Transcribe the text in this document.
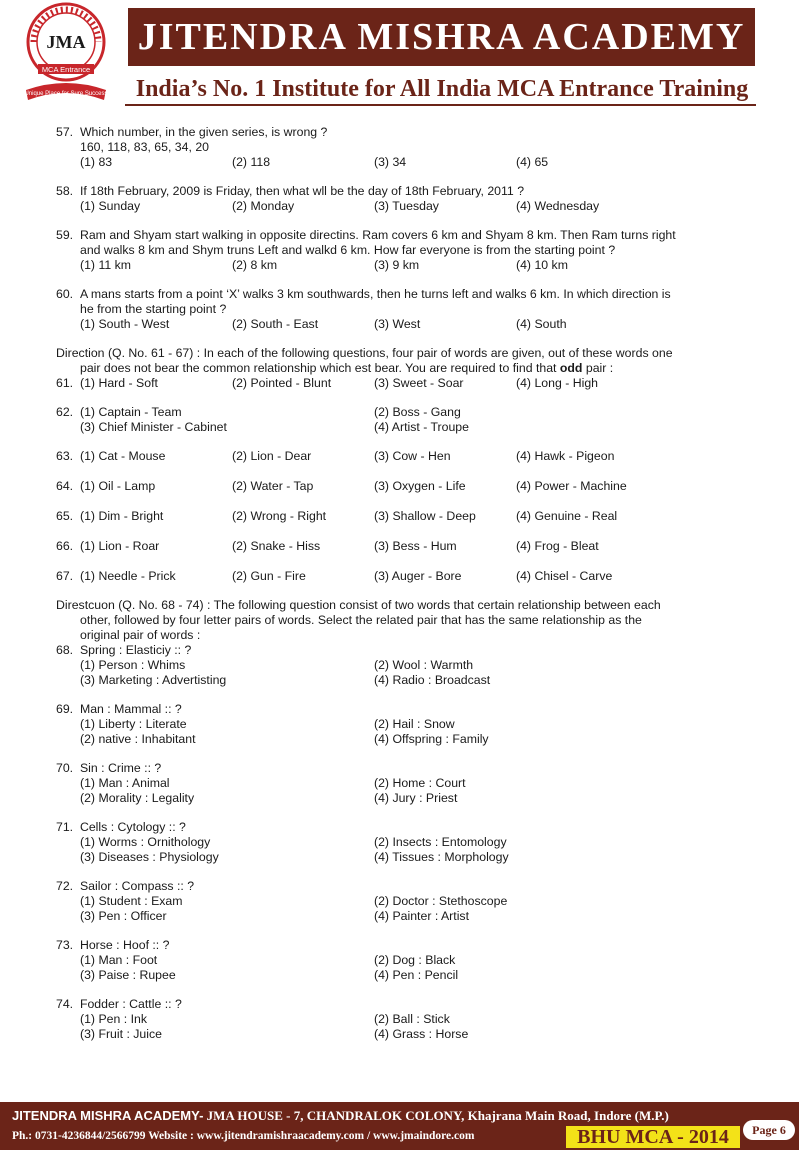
JMA
MCA Entrance
Unique Place for Sure Success
JITENDRA MISHRA ACADEMY
India’s No. 1 Institute for All India MCA Entrance Training
57. Which number, in the given series, is wrong ?
160, 118, 83, 65, 34, 20
(1) 83	(2) 118	(3) 34	(4) 65
58. If 18th February, 2009 is Friday, then what wll be the day of 18th February, 2011 ?
(1) Sunday	(2) Monday	(3) Tuesday	(4) Wednesday
59. Ram and Shyam start walking in opposite directins. Ram covers 6 km and Shyam 8 km. Then Ram turns right and walks 8 km and Shym truns Left and walkd 6 km. How far everyone is from the starting point ?
(1) 11 km	(2) 8 km	(3) 9 km	(4) 10 km
60. A mans starts from a point ‘X’ walks 3 km southwards, then he turns left and walks 6 km. In which direction is he from the starting point ?
(1) South - West	(2) South - East	(3) West	(4) South
Direction (Q. No. 61 - 67) : In each of the following questions, four pair of words are given, out of these words one pair does not bear the common relationship which est bear. You are required to find that odd pair :
61. (1) Hard - Soft	(2) Pointed - Blunt	(3) Sweet - Soar	(4) Long - High
62. (1) Captain - Team	(2) Boss - Gang
(3) Chief Minister - Cabinet	(4) Artist - Troupe
63. (1) Cat - Mouse	(2) Lion - Dear	(3) Cow - Hen	(4) Hawk - Pigeon
64. (1) Oil - Lamp	(2) Water - Tap	(3) Oxygen - Life	(4) Power - Machine
65. (1) Dim - Bright	(2) Wrong - Right	(3) Shallow - Deep	(4) Genuine - Real
66. (1) Lion - Roar	(2) Snake - Hiss	(3) Bess - Hum	(4) Frog - Bleat
67. (1) Needle - Prick	(2) Gun - Fire	(3) Auger - Bore	(4) Chisel - Carve
Direstcuon (Q. No. 68 - 74) : The following question consist of two words that certain relationship between each other, followed by four letter pairs of words. Select the related pair that has the same relationship as the original pair of words :
68. Spring : Elasticiy :: ?
(1) Person : Whims	(2) Wool : Warmth
(3) Marketing : Advertisting	(4) Radio : Broadcast
69. Man : Mammal :: ?
(1) Liberty : Literate	(2) Hail : Snow
(2) native : Inhabitant	(4) Offspring : Family
70. Sin : Crime :: ?
(1) Man : Animal	(2) Home : Court
(2) Morality : Legality	(4) Jury : Priest
71. Cells : Cytology :: ?
(1) Worms : Ornithology	(2) Insects : Entomology
(3) Diseases : Physiology	(4) Tissues : Morphology
72. Sailor : Compass :: ?
(1) Student : Exam	(2) Doctor : Stethoscope
(3) Pen : Officer	(4) Painter : Artist
73. Horse : Hoof :: ?
(1) Man : Foot	(2) Dog : Black
(3) Paise : Rupee	(4) Pen : Pencil
74. Fodder : Cattle :: ?
(1) Pen : Ink	(2) Ball : Stick
(3) Fruit : Juice	(4) Grass : Horse
JITENDRA MISHRA ACADEMY- JMA HOUSE - 7, CHANDRALOK COLONY, Khajrana Main Road, Indore (M.P.)
Ph.: 0731-4236844/2566799 Website : www.jitendramishraacademy.com / www.jmaindore.com	BHU MCA - 2014	Page 6
